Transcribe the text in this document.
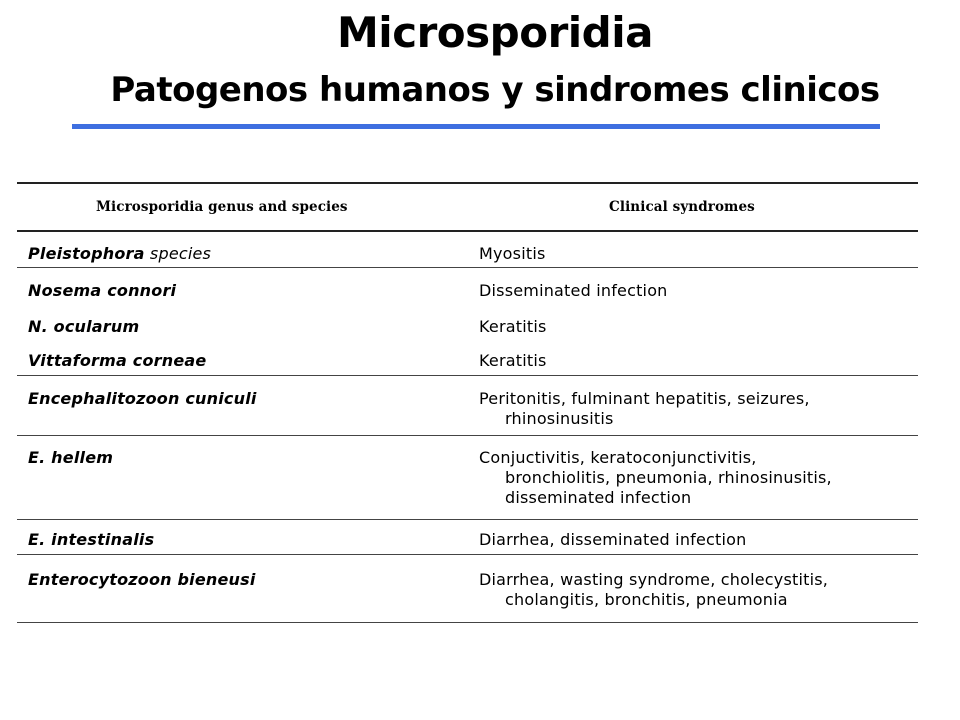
Microsporidia
Patogenos humanos y sindromes clinicos
Microsporidia genus and species	Clinical syndromes
Pleistophora species	Myositis
Nosema connori	Disseminated infection
N. ocularum	Keratitis
Vittaforma corneae	Keratitis
Encephalitozoon cuniculi	Peritonitis, fulminant hepatitis, seizures,
rhinosinusitis
E. hellem	Conjuctivitis, keratoconjunctivitis,
bronchiolitis, pneumonia, rhinosinusitis,
disseminated infection
E. intestinalis	Diarrhea, disseminated infection
Enterocytozoon bieneusi	Diarrhea, wasting syndrome, cholecystitis,
cholangitis, bronchitis, pneumonia
